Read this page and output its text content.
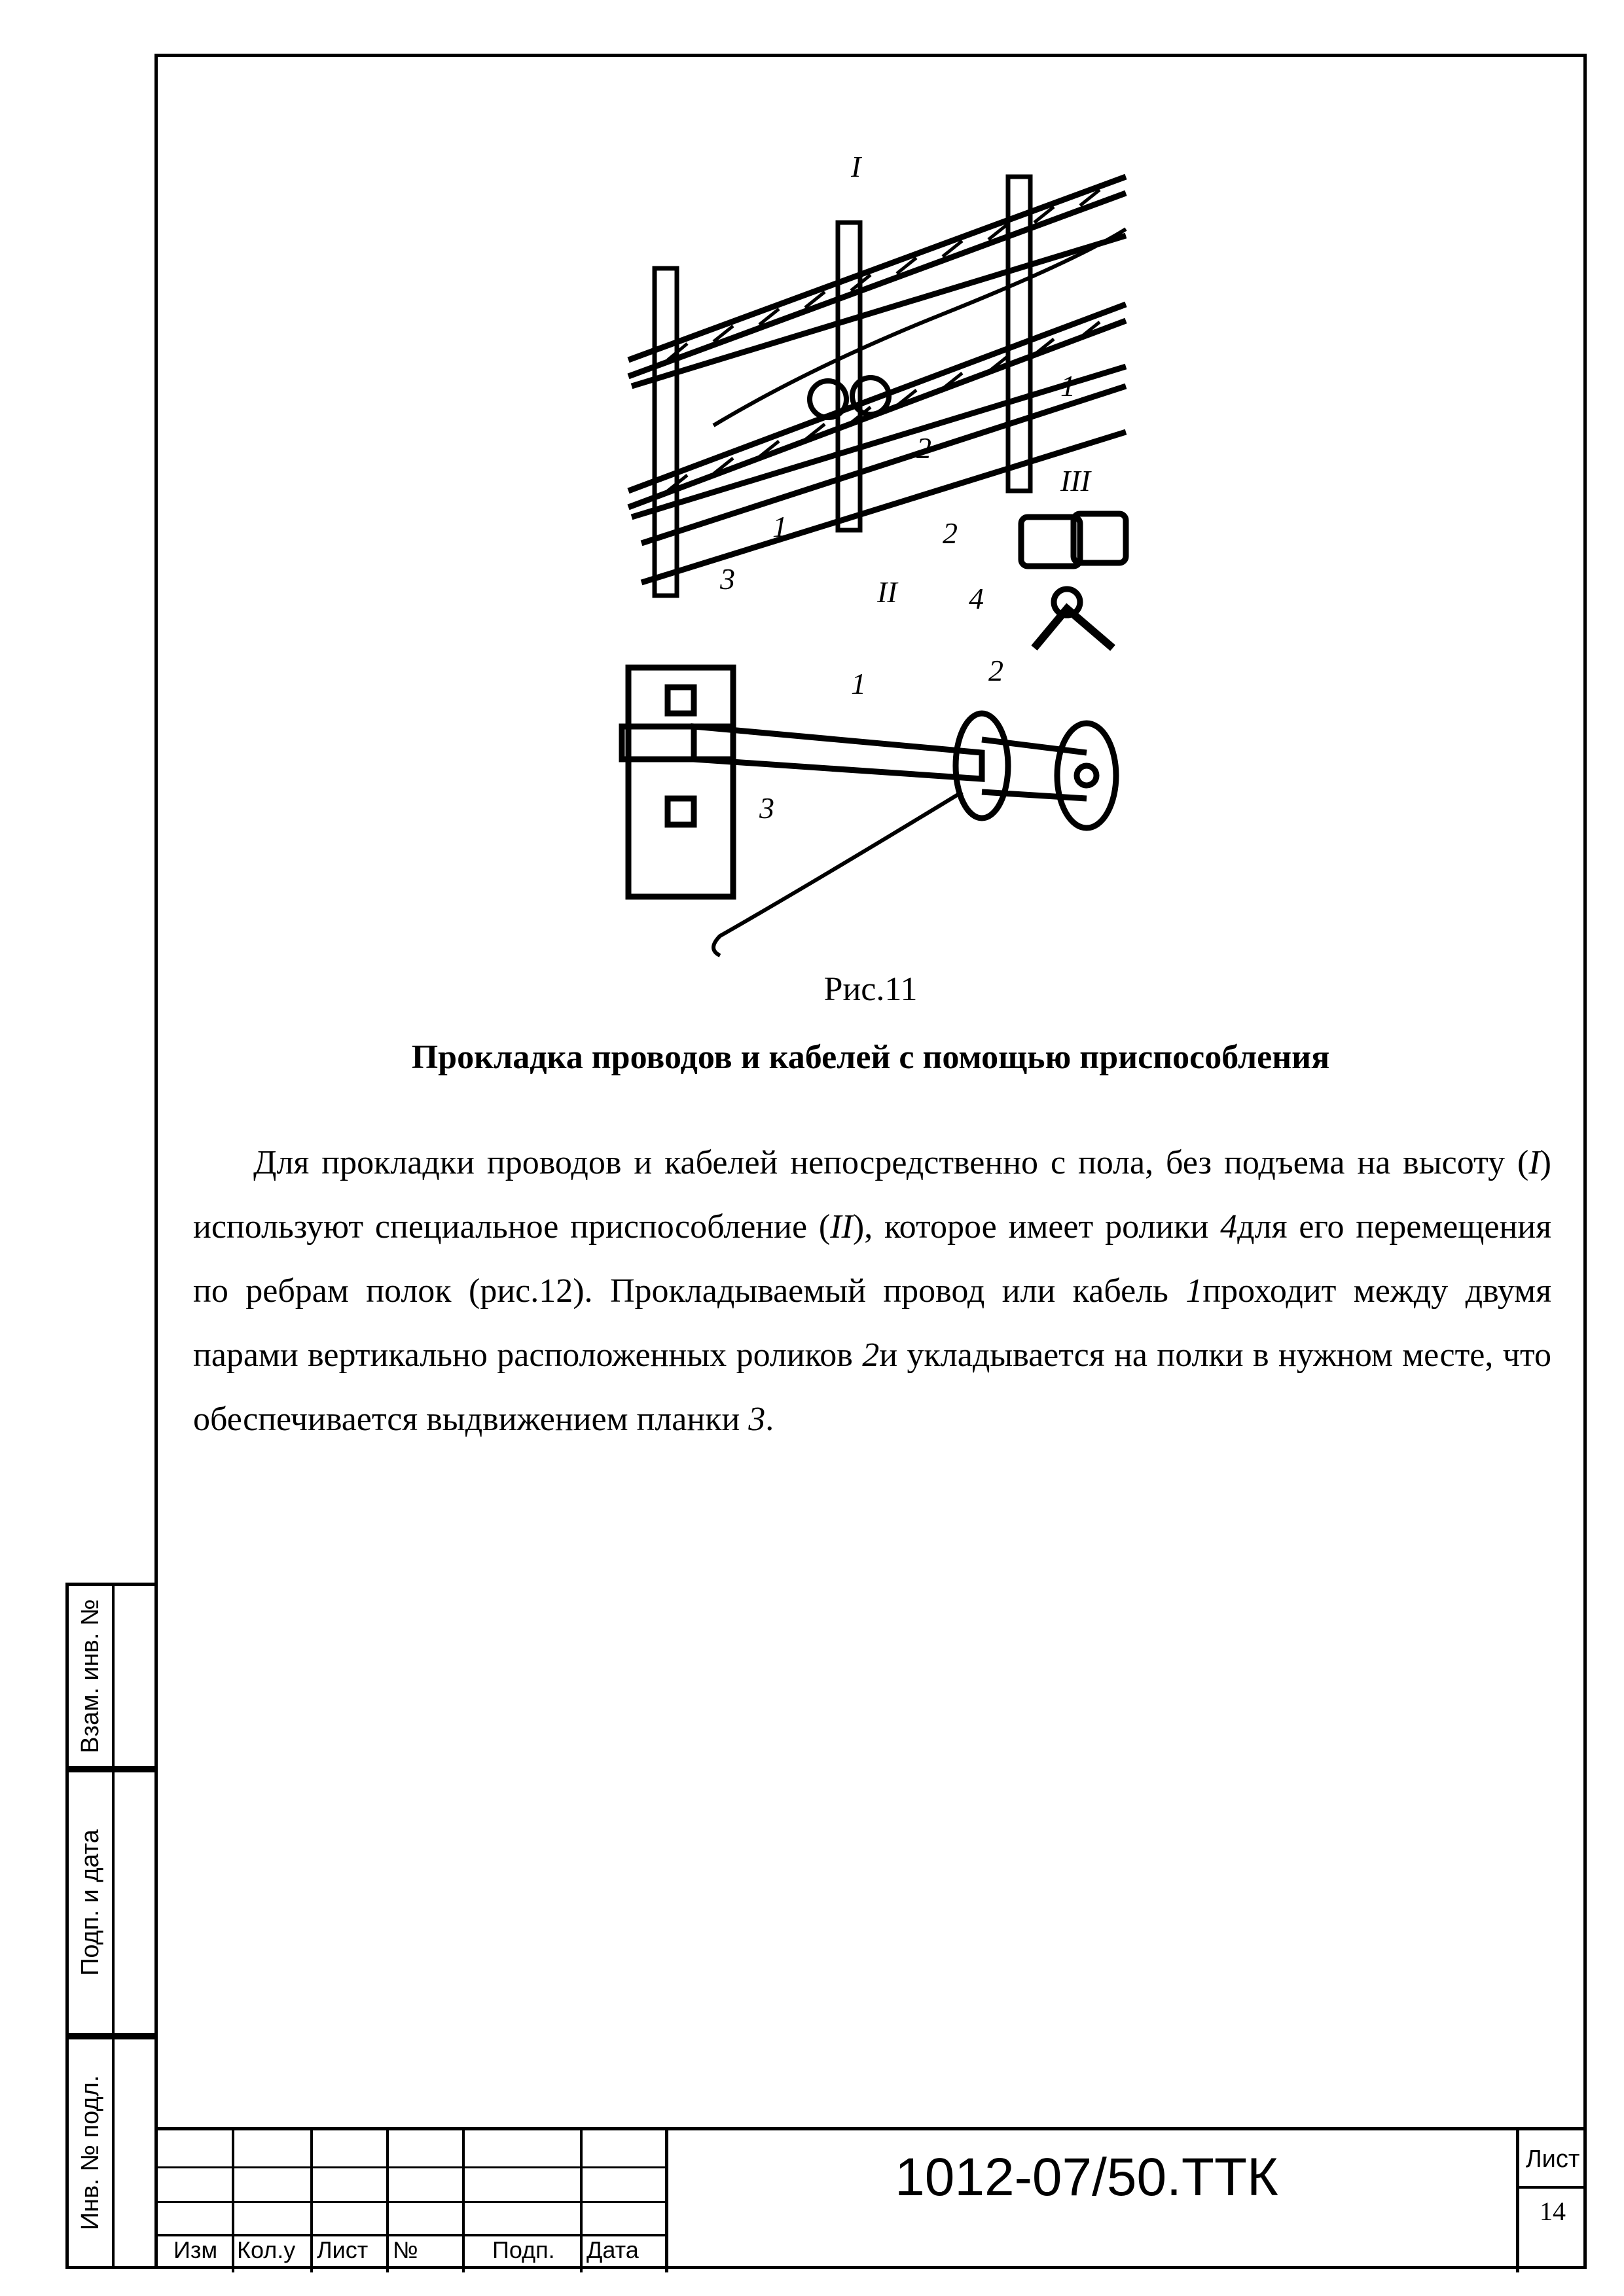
Взам. инв. №
Подп. и дата
Инв. № подл.
I
II
III
1
1
1
2
2
2
3
3
4
Рис.11
Прокладка проводов и кабелей с помощью приспособления

Для прокладки проводов и кабелей непосредственно с пола, без подъема на высоту (I) используют специальное приспособление (II), которое имеет ролики 4для его перемещения по ребрам полок (рис.12). Прокладываемый провод или кабель 1проходит между двумя парами вертикально расположенных роликов 2и укладывается на полки в нужном месте, что обеспечивается выдвижением планки 3.

Изм Кол.у Лист №	Подп. Дата
1012-07/50.ТТК	Лист
14
